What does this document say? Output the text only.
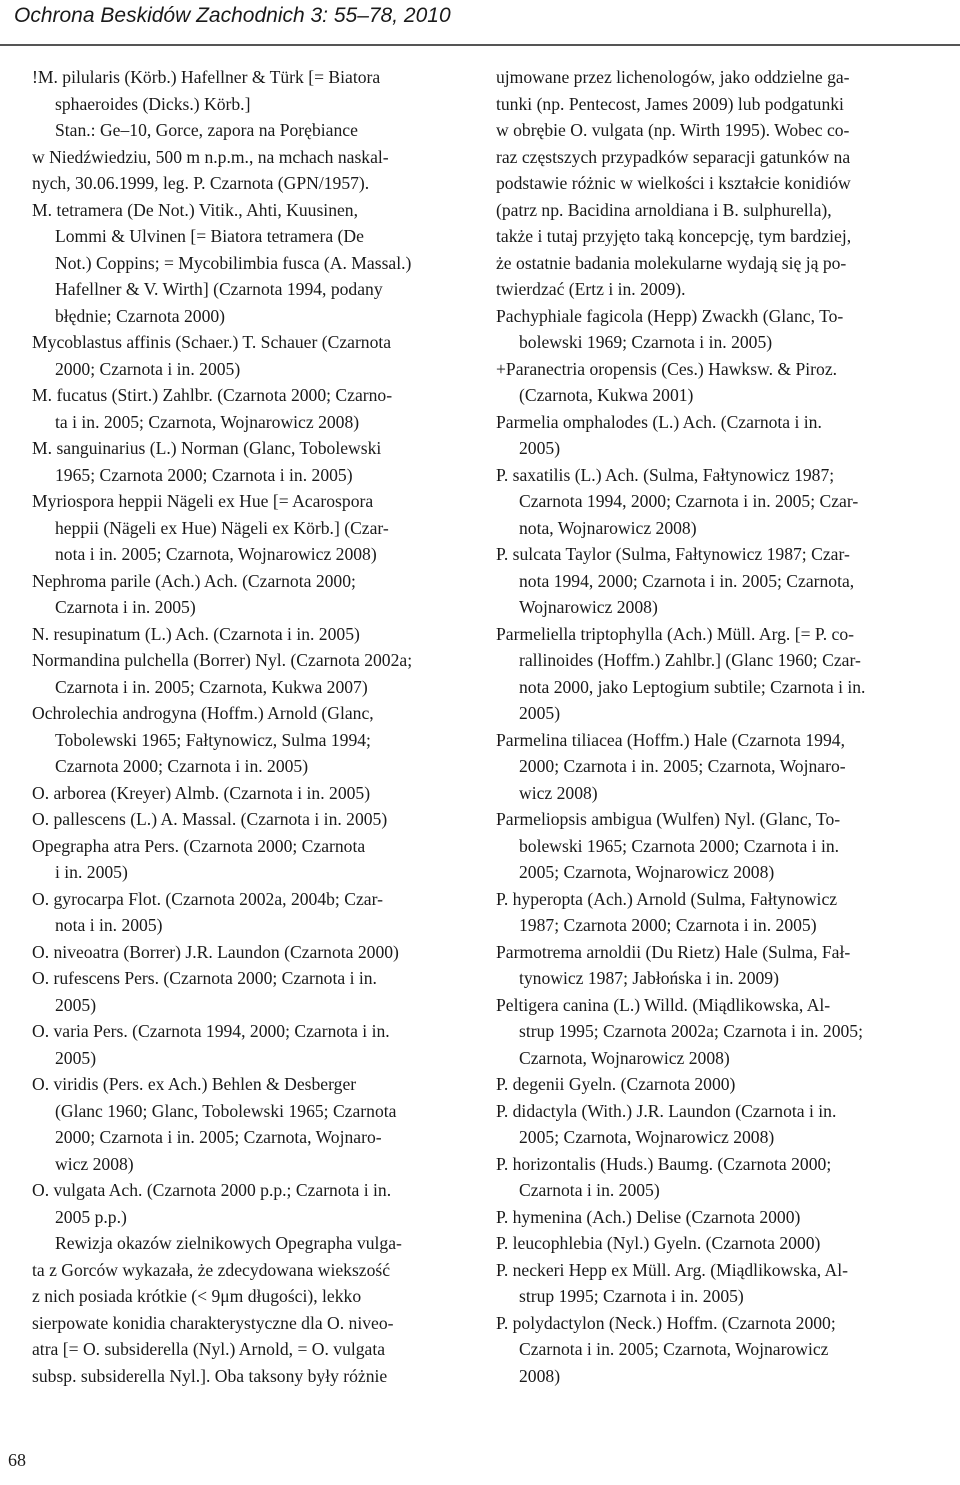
Ochrona Beskidów Zachodnich 3: 55–78, 2010
!M. pilularis (Körb.) Hafellner & Türk [= Biatora
sphaeroides (Dicks.) Körb.]
Stan.: Ge–10, Gorce, zapora na Porębiance
w Niedźwiedziu, 500 m n.p.m., na mchach naskal-
nych, 30.06.1999, leg. P. Czarnota (GPN/1957).
M. tetramera (De Not.) Vitik., Ahti, Kuusinen,
Lommi & Ulvinen [= Biatora tetramera (De
Not.) Coppins; = Mycobilimbia fusca (A. Massal.)
Hafellner & V. Wirth] (Czarnota 1994, podany
błędnie; Czarnota 2000)
Mycoblastus affinis (Schaer.) T. Schauer (Czarnota
2000; Czarnota i in. 2005)
M. fucatus (Stirt.) Zahlbr. (Czarnota 2000; Czarno-
ta i in. 2005; Czarnota, Wojnarowicz 2008)
M. sanguinarius (L.) Norman (Glanc, Tobolewski
1965; Czarnota 2000; Czarnota i in. 2005)
Myriospora heppii Nägeli ex Hue [= Acarospora
heppii (Nägeli ex Hue) Nägeli ex Körb.] (Czar-
nota i in. 2005; Czarnota, Wojnarowicz 2008)
Nephroma parile (Ach.) Ach. (Czarnota 2000;
Czarnota i in. 2005)
N. resupinatum (L.) Ach. (Czarnota i in. 2005)
Normandina pulchella (Borrer) Nyl. (Czarnota 2002a;
Czarnota i in. 2005; Czarnota, Kukwa 2007)
Ochrolechia androgyna (Hoffm.) Arnold (Glanc,
Tobolewski 1965; Fałtynowicz, Sulma 1994;
Czarnota 2000; Czarnota i in. 2005)
O. arborea (Kreyer) Almb. (Czarnota i in. 2005)
O. pallescens (L.) A. Massal. (Czarnota i in. 2005)
Opegrapha atra Pers. (Czarnota 2000; Czarnota
i in. 2005)
O. gyrocarpa Flot. (Czarnota 2002a, 2004b; Czar-
nota i in. 2005)
O. niveoatra (Borrer) J.R. Laundon (Czarnota 2000)
O. rufescens Pers. (Czarnota 2000; Czarnota i in.
2005)
O. varia Pers. (Czarnota 1994, 2000; Czarnota i in.
2005)
O. viridis (Pers. ex Ach.) Behlen & Desberger
(Glanc 1960; Glanc, Tobolewski 1965; Czarnota
2000; Czarnota i in. 2005; Czarnota, Wojnaro-
wicz 2008)
O. vulgata Ach. (Czarnota 2000 p.p.; Czarnota i in.
2005 p.p.)
Rewizja okazów zielnikowych Opegrapha vulga-
ta z Gorców wykazała, że zdecydowana wiekszość
z nich posiada krótkie (< 9μm długości), lekko
sierpowate konidia charakterystyczne dla O. niveo-
atra [= O. subsiderella (Nyl.) Arnold, = O. vulgata
subsp. subsiderella Nyl.]. Oba taksony były różnie
ujmowane przez lichenologów, jako oddzielne ga-
tunki (np. Pentecost, James 2009) lub podgatunki
w obrębie O. vulgata (np. Wirth 1995). Wobec co-
raz częstszych przypadków separacji gatunków na
podstawie różnic w wielkości i kształcie konidiów
(patrz np. Bacidina arnoldiana i B. sulphurella),
także i tutaj przyjęto taką koncepcję, tym bardziej,
że ostatnie badania molekularne wydają się ją po-
twierdzać (Ertz i in. 2009).
Pachyphiale fagicola (Hepp) Zwackh (Glanc, To-
bolewski 1969; Czarnota i in. 2005)
+Paranectria oropensis (Ces.) Hawksw. & Piroz.
(Czarnota, Kukwa 2001)
Parmelia omphalodes (L.) Ach. (Czarnota i in.
2005)
P. saxatilis (L.) Ach. (Sulma, Fałtynowicz 1987;
Czarnota 1994, 2000; Czarnota i in. 2005; Czar-
nota, Wojnarowicz 2008)
P. sulcata Taylor (Sulma, Fałtynowicz 1987; Czar-
nota 1994, 2000; Czarnota i in. 2005; Czarnota,
Wojnarowicz 2008)
Parmeliella triptophylla (Ach.) Müll. Arg. [= P. co-
rallinoides (Hoffm.) Zahlbr.] (Glanc 1960; Czar-
nota 2000, jako Leptogium subtile; Czarnota i in.
2005)
Parmelina tiliacea (Hoffm.) Hale (Czarnota 1994,
2000; Czarnota i in. 2005; Czarnota, Wojnaro-
wicz 2008)
Parmeliopsis ambigua (Wulfen) Nyl. (Glanc, To-
bolewski 1965; Czarnota 2000; Czarnota i in.
2005; Czarnota, Wojnarowicz 2008)
P. hyperopta (Ach.) Arnold (Sulma, Fałtynowicz
1987; Czarnota 2000; Czarnota i in. 2005)
Parmotrema arnoldii (Du Rietz) Hale (Sulma, Fał-
tynowicz 1987; Jabłońska i in. 2009)
Peltigera canina (L.) Willd. (Miądlikowska, Al-
strup 1995; Czarnota 2002a; Czarnota i in. 2005;
Czarnota, Wojnarowicz 2008)
P. degenii Gyeln. (Czarnota 2000)
P. didactyla (With.) J.R. Laundon (Czarnota i in.
2005; Czarnota, Wojnarowicz 2008)
P. horizontalis (Huds.) Baumg. (Czarnota 2000;
Czarnota i in. 2005)
P. hymenina (Ach.) Delise (Czarnota 2000)
P. leucophlebia (Nyl.) Gyeln. (Czarnota 2000)
P. neckeri Hepp ex Müll. Arg. (Miądlikowska, Al-
strup 1995; Czarnota i in. 2005)
P. polydactylon (Neck.) Hoffm. (Czarnota 2000;
Czarnota i in. 2005; Czarnota, Wojnarowicz
2008)
68
